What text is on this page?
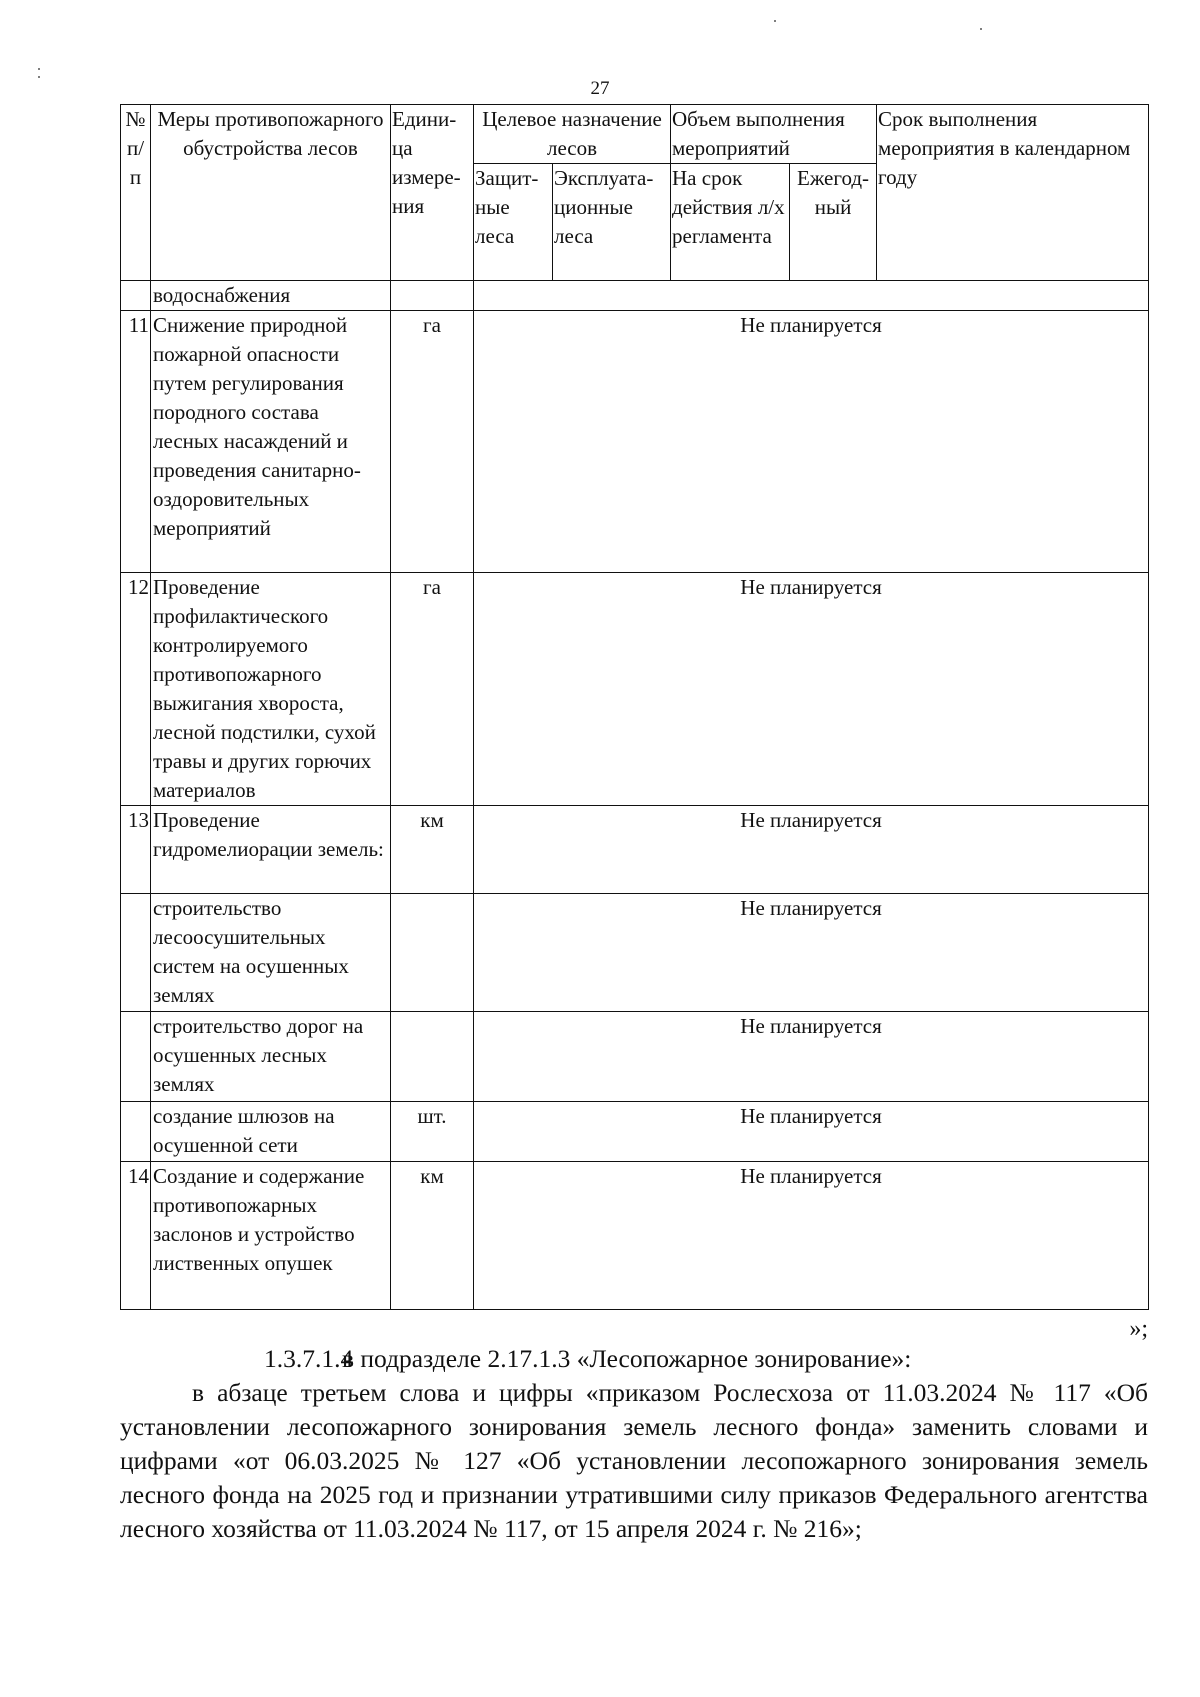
27
№ п/п	Меры противопожарного обустройства лесов	Едини-ца измере-ния	Целевое назначение лесов		Объем выполнения мероприятий		Срок выполнения мероприятия в календарном году
			Защит-ные леса	Эксплуата-ционные леса	На срок действия л/х регламента	Ежегод-ный	
	водоснабжения						
11	Снижение природной пожарной опасности путем регулирования породного состава лесных насаждений и проведения санитарно-оздоровительных мероприятий	га	Не планируется				
12	Проведение профилактического контролируемого противопожарного выжигания хвороста, лесной подстилки, сухой травы и других горючих материалов	га	Не планируется				
13	Проведение гидромелиорации земель:	км	Не планируется				
	строительство лесоосушительных систем на осушенных землях		Не планируется				
	строительство дорог на осушенных лесных землях		Не планируется				
	создание шлюзов на осушенной сети	шт.	Не планируется				
14	Создание и содержание противопожарных заслонов и устройство лиственных опушек	км	Не планируется				
»;
1.3.7.1.4в подразделе 2.17.1.3 «Лесопожарное зонирование»:
в абзаце третьем слова и цифры «приказом Рослесхоза от 11.03.2024 № 117 «Об установлении лесопожарного зонирования земель лесного фонда» заменить словами и цифрами «от 06.03.2025 № 127 «Об установлении лесопожарного зонирования земель лесного фонда на 2025 год и признании утратившими силу приказов Федерального агентства лесного хозяйства от 11.03.2024 № 117, от 15 апреля 2024 г. № 216»;
